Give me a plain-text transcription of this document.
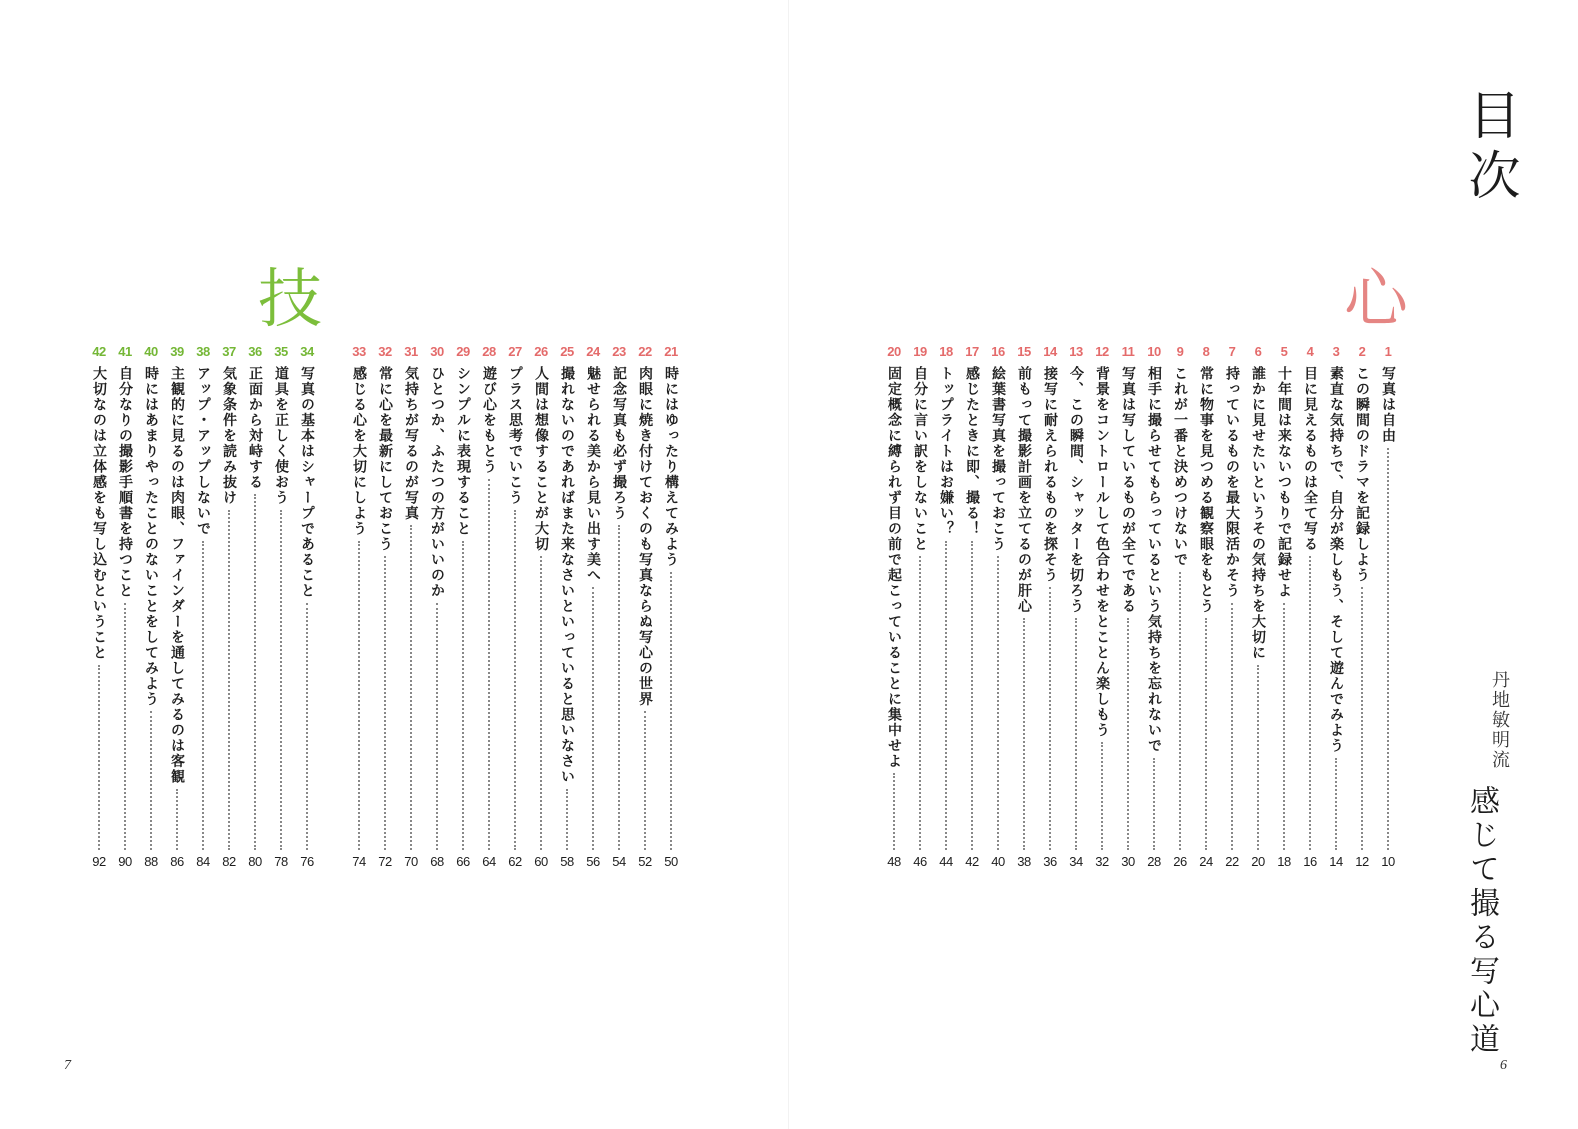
技
21
時にはゆったり構えてみよう
50
22
肉眼に焼き付けておくのも写真ならぬ写心の世界
52
23
記念写真も必ず撮ろう
54
24
魅せられる美から見い出す美へ
56
25
撮れないのであればまた来なさいといっていると思いなさい
58
26
人間は想像することが大切
60
27
プラス思考でいこう
62
28
遊び心をもとう
64
29
シンプルに表現すること
66
30
ひとつか、ふたつの方がいいのか
68
31
気持ちが写るのが写真
70
32
常に心を最新にしておこう
72
33
感じる心を大切にしよう
74
34
写真の基本はシャープであること
76
35
道具を正しく使おう
78
36
正面から対峙する
80
37
気象条件を読み抜け
82
38
アップ・アップしないで
84
39
主観的に見るのは肉眼、ファインダーを通してみるのは客観
86
40
時にはあまりやったことのないことをしてみよう
88
41
自分なりの撮影手順書を持つこと
90
42
大切なのは立体感をも写し込むということ
92
7
目次
丹地敏明流
感じて撮る写心道
心
1
写真は自由
10
2
この瞬間のドラマを記録しよう
12
3
素直な気持ちで、自分が楽しもう、そして遊んでみよう
14
4
目に見えるものは全て写る
16
5
十年間は来ないつもりで記録せよ
18
6
誰かに見せたいというその気持ちを大切に
20
7
持っているものを最大限活かそう
22
8
常に物事を見つめる観察眼をもとう
24
9
これが一番と決めつけないで
26
10
相手に撮らせてもらっているという気持ちを忘れないで
28
11
写真は写しているものが全てである
30
12
背景をコントロールして色合わせをとことん楽しもう
32
13
今、この瞬間、シャッターを切ろう
34
14
接写に耐えられるものを探そう
36
15
前もって撮影計画を立てるのが肝心
38
16
絵葉書写真を撮っておこう
40
17
感じたときに即、撮る！
42
18
トップライトはお嫌い？
44
19
自分に言い訳をしないこと
46
20
固定概念に縛られず目の前で起こっていることに集中せよ
48
6
